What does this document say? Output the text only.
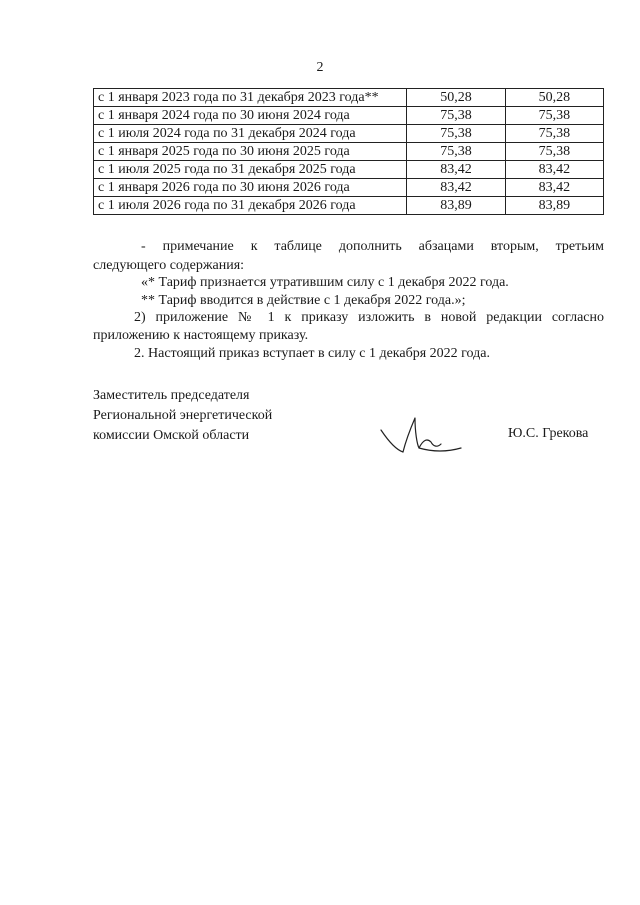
2
с 1 января 2023 года по 31 декабря 2023 года**	50,28	50,28
с 1 января 2024 года по 30 июня 2024 года	75,38	75,38
с 1 июля 2024 года по 31 декабря 2024 года	75,38	75,38
с 1 января 2025 года по 30 июня 2025 года	75,38	75,38
с 1 июля 2025 года по 31 декабря 2025 года	83,42	83,42
с 1 января 2026 года по 30 июня 2026 года	83,42	83,42
с 1 июля 2026 года по 31 декабря 2026 года	83,89	83,89

- примечание к таблице дополнить абзацами вторым, третьим

следующего содержания:

«* Тариф признается утратившим силу с 1 декабря 2022 года.

** Тариф вводится в действие с 1 декабря 2022 года.»;

2) приложение № 1 к приказу изложить в новой редакции согласно

приложению к настоящему приказу.

2. Настоящий приказ вступает в силу с 1 декабря 2022 года.

Заместитель председателя
Региональной энергетической
комиссии Омской области	Ю.С. Грекова
